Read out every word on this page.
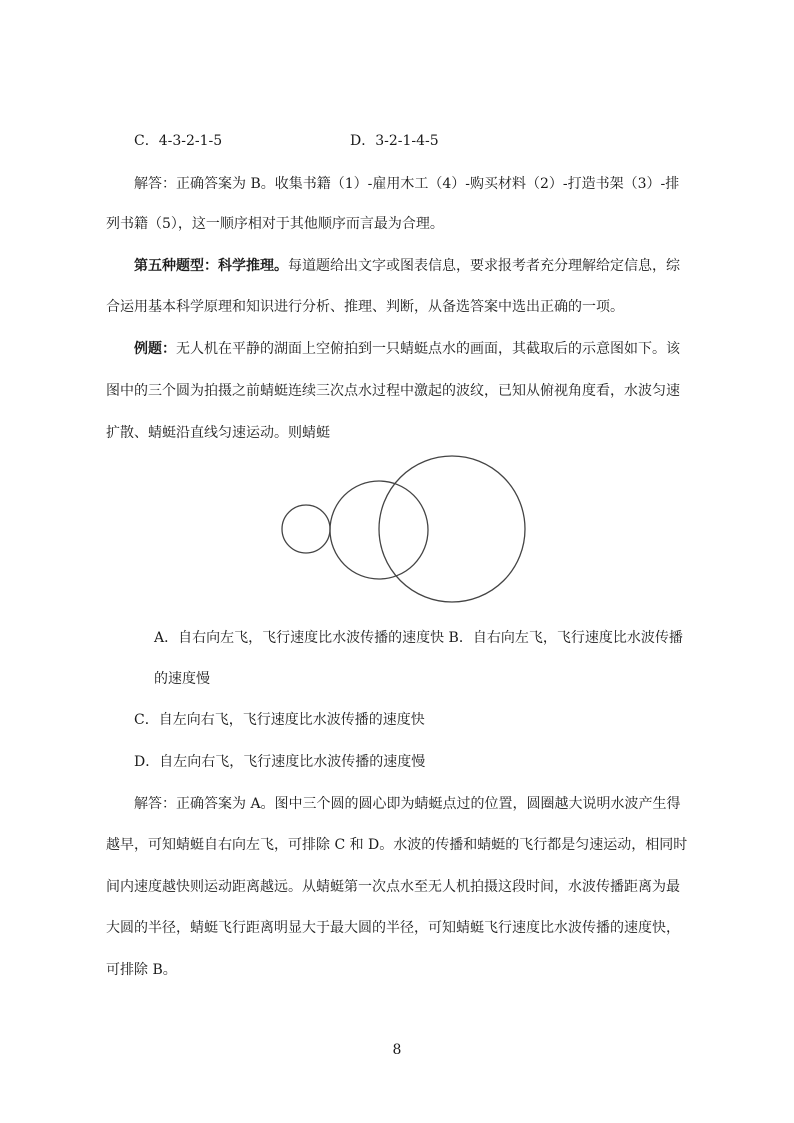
C．4-3-2-1-5	D．3-2-1-4-5
解答：正确答案为 B。收集书籍（1）-雇用木工（4）-购买材料（2）-打造书架（3）-排
列书籍（5），这一顺序相对于其他顺序而言最为合理。
第五种题型：科学推理。每道题给出文字或图表信息，要求报考者充分理解给定信息，综
合运用基本科学原理和知识进行分析、推理、判断，从备选答案中选出正确的一项。
例题：无人机在平静的湖面上空俯拍到一只蜻蜓点水的画面，其截取后的示意图如下。该
图中的三个圆为拍摄之前蜻蜓连续三次点水过程中激起的波纹，已知从俯视角度看，水波匀速
扩散、蜻蜓沿直线匀速运动。则蜻蜓
A．自右向左飞，飞行速度比水波传播的速度快 B．自右向左飞，飞行速度比水波传播
的速度慢
C．自左向右飞，飞行速度比水波传播的速度快
D．自左向右飞，飞行速度比水波传播的速度慢
解答：正确答案为 A。图中三个圆的圆心即为蜻蜓点过的位置，圆圈越大说明水波产生得
越早，可知蜻蜓自右向左飞，可排除 C 和 D。水波的传播和蜻蜓的飞行都是匀速运动，相同时
间内速度越快则运动距离越远。从蜻蜓第一次点水至无人机拍摄这段时间，水波传播距离为最
大圆的半径，蜻蜓飞行距离明显大于最大圆的半径，可知蜻蜓飞行速度比水波传播的速度快，
可排除 B。
8
